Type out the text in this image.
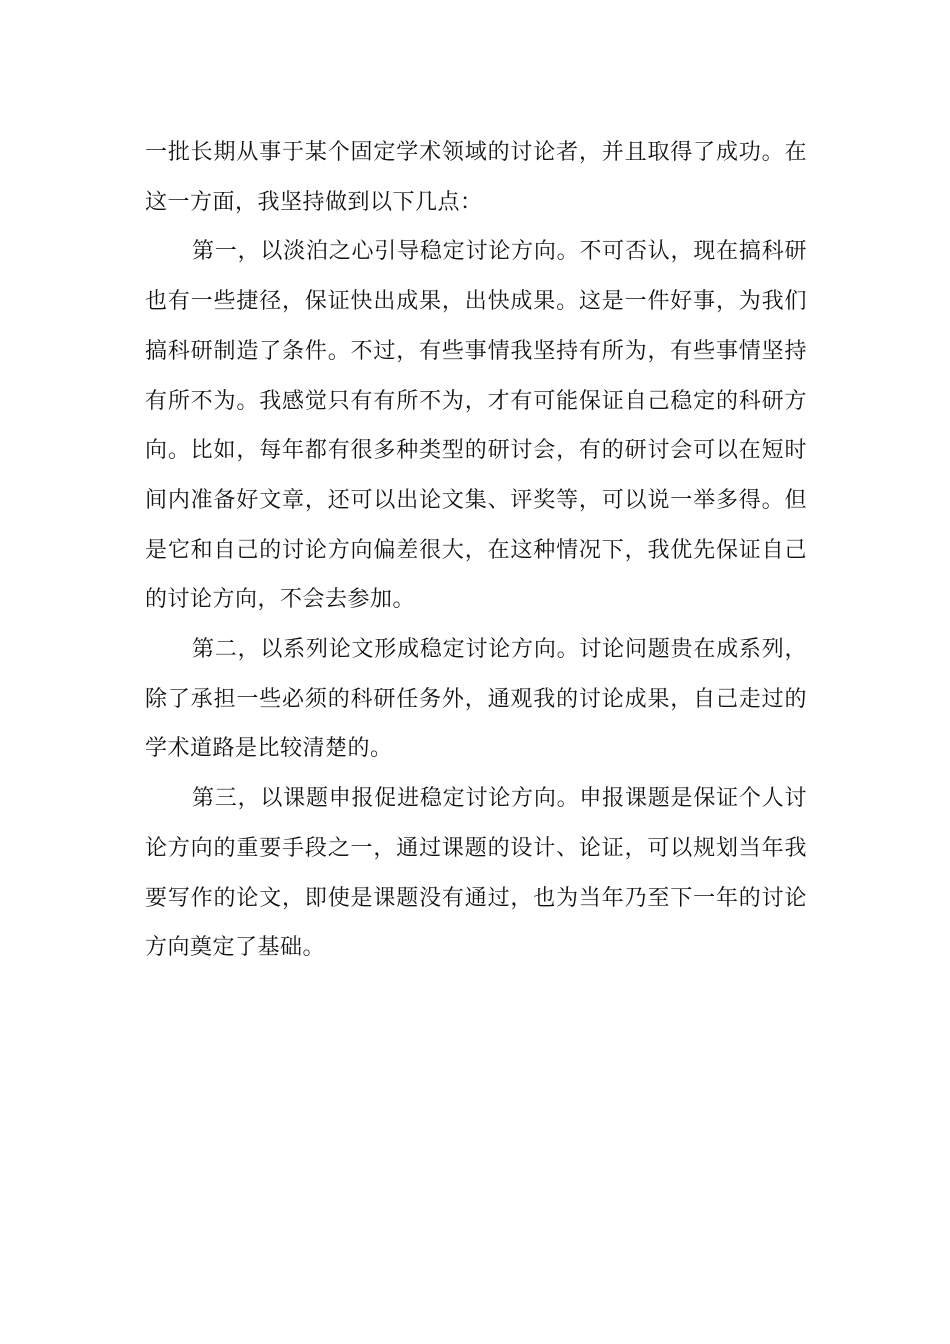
一批长期从事于某个固定学术领域的讨论者，并且取得了成功。在这一方面，我坚持做到以下几点：

第一，以淡泊之心引导稳定讨论方向。不可否认，现在搞科研也有一些捷径，保证快出成果，出快成果。这是一件好事，为我们搞科研制造了条件。不过，有些事情我坚持有所为，有些事情坚持有所不为。我感觉只有有所不为，才有可能保证自己稳定的科研方向。比如，每年都有很多种类型的研讨会，有的研讨会可以在短时间内准备好文章，还可以出论文集、评奖等，可以说一举多得。但是它和自己的讨论方向偏差很大，在这种情况下，我优先保证自己的讨论方向，不会去参加。

第二，以系列论文形成稳定讨论方向。讨论问题贵在成系列，除了承担一些必须的科研任务外，通观我的讨论成果，自己走过的学术道路是比较清楚的。

第三，以课题申报促进稳定讨论方向。申报课题是保证个人讨论方向的重要手段之一，通过课题的设计、论证，可以规划当年我要写作的论文，即使是课题没有通过，也为当年乃至下一年的讨论方向奠定了基础。
